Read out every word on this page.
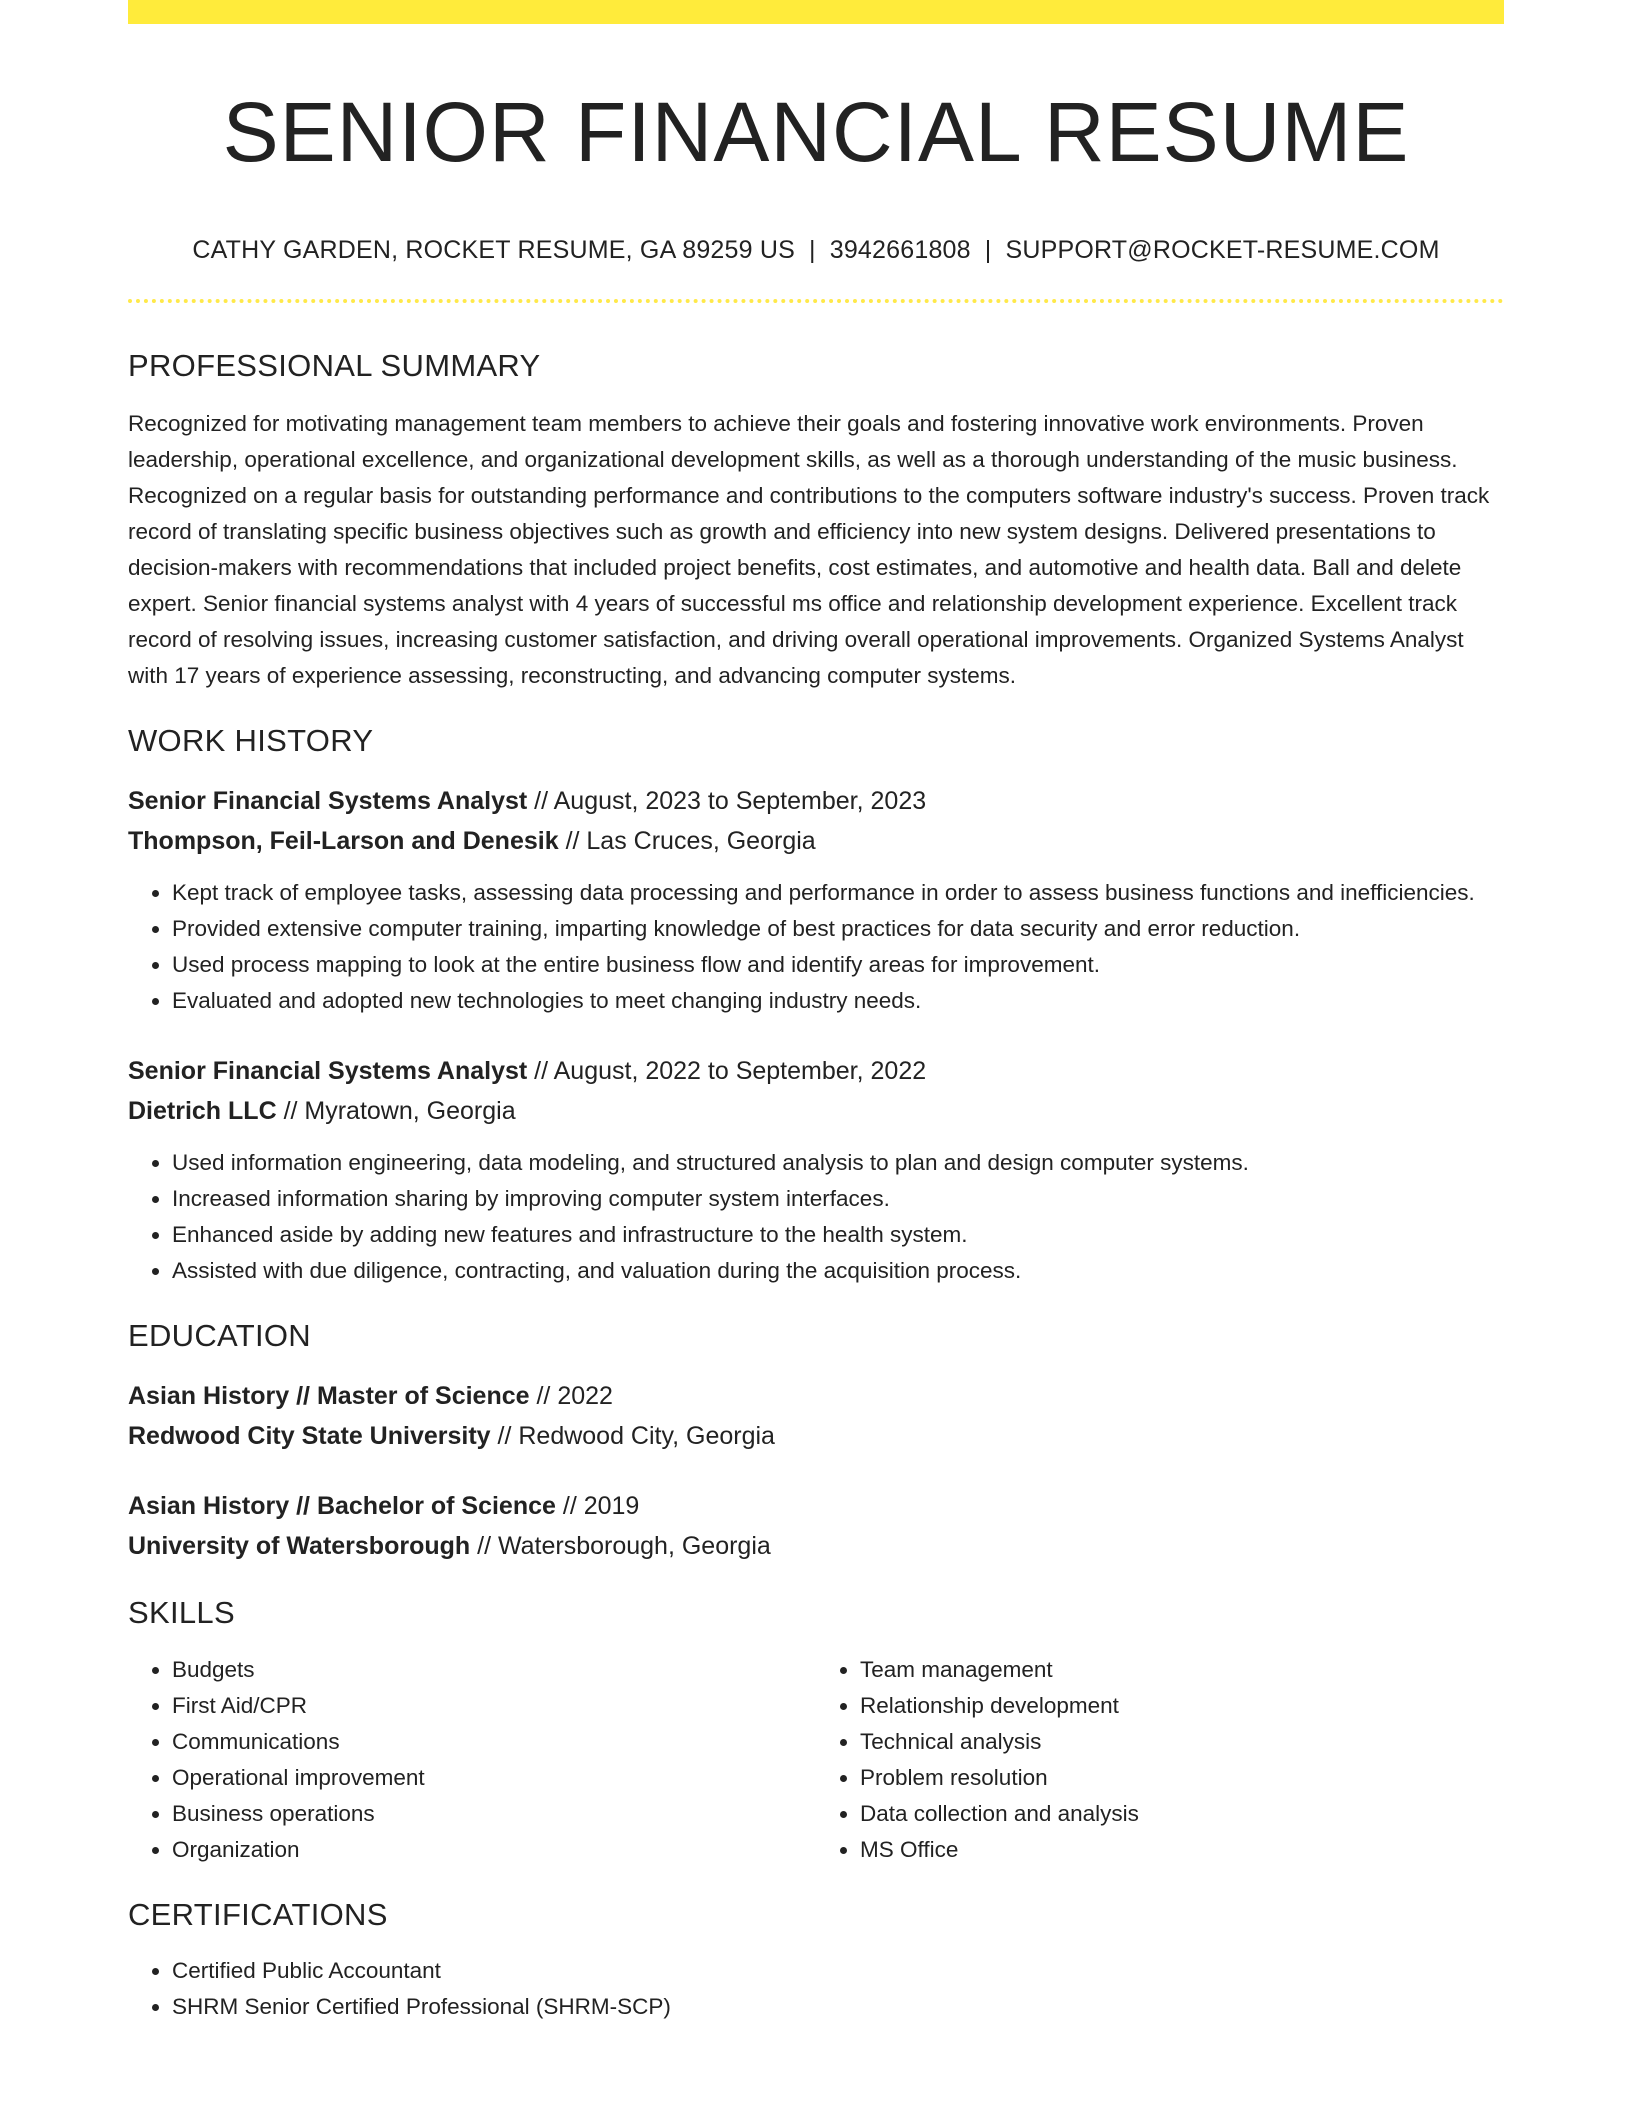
SENIOR FINANCIAL RESUME
CATHY GARDEN, ROCKET RESUME, GA 89259 US | 3942661808 | SUPPORT@ROCKET-RESUME.COM
PROFESSIONAL SUMMARY
Recognized for motivating management team members to achieve their goals and fostering innovative work environments. Proven leadership, operational excellence, and organizational development skills, as well as a thorough understanding of the music business. Recognized on a regular basis for outstanding performance and contributions to the computers software industry's success. Proven track record of translating specific business objectives such as growth and efficiency into new system designs. Delivered presentations to decision-makers with recommendations that included project benefits, cost estimates, and automotive and health data. Ball and delete expert. Senior financial systems analyst with 4 years of successful ms office and relationship development experience. Excellent track record of resolving issues, increasing customer satisfaction, and driving overall operational improvements. Organized Systems Analyst with 17 years of experience assessing, reconstructing, and advancing computer systems.
WORK HISTORY
Senior Financial Systems Analyst // August, 2023 to September, 2023
Thompson, Feil-Larson and Denesik // Las Cruces, Georgia
• Kept track of employee tasks, assessing data processing and performance in order to assess business functions and inefficiencies.
• Provided extensive computer training, imparting knowledge of best practices for data security and error reduction.
• Used process mapping to look at the entire business flow and identify areas for improvement.
• Evaluated and adopted new technologies to meet changing industry needs.
Senior Financial Systems Analyst // August, 2022 to September, 2022
Dietrich LLC // Myratown, Georgia
• Used information engineering, data modeling, and structured analysis to plan and design computer systems.
• Increased information sharing by improving computer system interfaces.
• Enhanced aside by adding new features and infrastructure to the health system.
• Assisted with due diligence, contracting, and valuation during the acquisition process.
EDUCATION
Asian History // Master of Science // 2022
Redwood City State University // Redwood City, Georgia
Asian History // Bachelor of Science // 2019
University of Watersborough // Watersborough, Georgia
SKILLS
• Budgets
• First Aid/CPR
• Communications
• Operational improvement
• Business operations
• Organization
• Team management
• Relationship development
• Technical analysis
• Problem resolution
• Data collection and analysis
• MS Office
CERTIFICATIONS
• Certified Public Accountant
• SHRM Senior Certified Professional (SHRM-SCP)
